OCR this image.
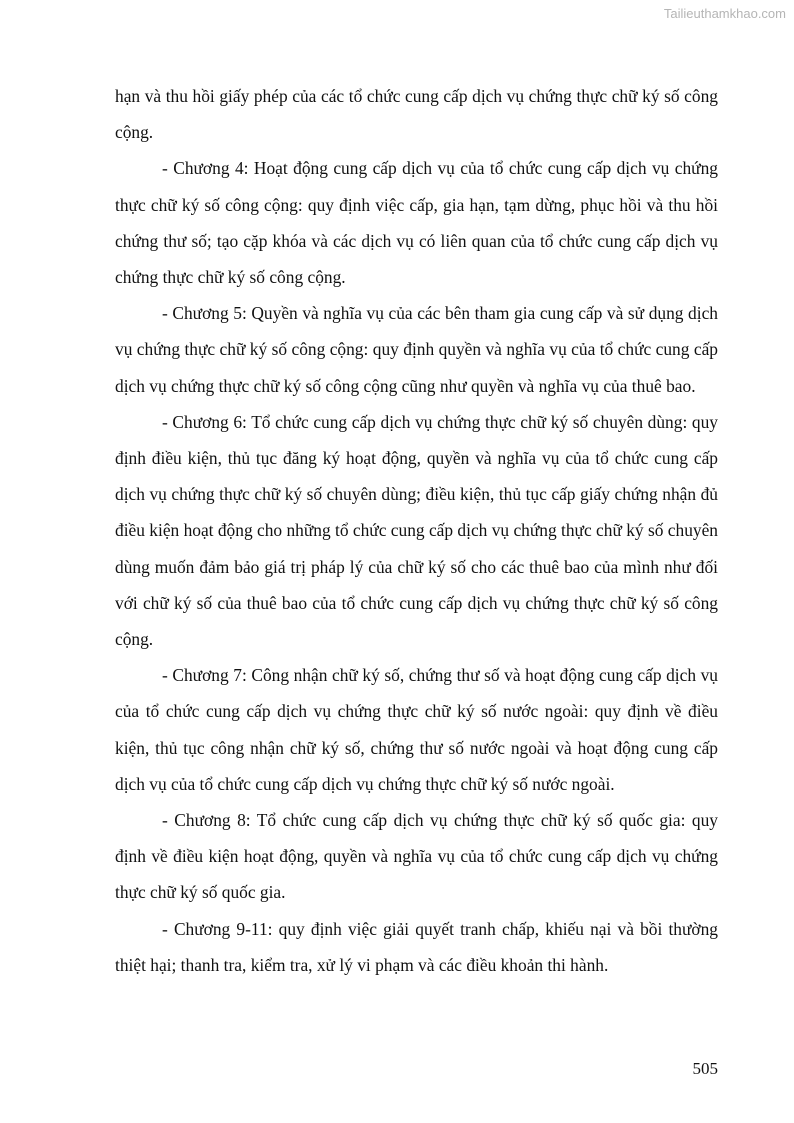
Tailieuthamkhao.com

hạn và thu hồi giấy phép của các tổ chức cung cấp dịch vụ chứng thực chữ ký số công cộng.

- Chương 4: Hoạt động cung cấp dịch vụ của tổ chức cung cấp dịch vụ chứng thực chữ ký số công cộng: quy định việc cấp, gia hạn, tạm dừng, phục hồi và thu hồi chứng thư số; tạo cặp khóa và các dịch vụ có liên quan của tổ chức cung cấp dịch vụ chứng thực chữ ký số công cộng.

- Chương 5: Quyền và nghĩa vụ của các bên tham gia cung cấp và sử dụng dịch vụ chứng thực chữ ký số công cộng: quy định quyền và nghĩa vụ của tổ chức cung cấp dịch vụ chứng thực chữ ký số công cộng cũng như quyền và nghĩa vụ của thuê bao.

- Chương 6: Tổ chức cung cấp dịch vụ chứng thực chữ ký số chuyên dùng: quy định điều kiện, thủ tục đăng ký hoạt động, quyền và nghĩa vụ của tổ chức cung cấp dịch vụ chứng thực chữ ký số chuyên dùng; điều kiện, thủ tục cấp giấy chứng nhận đủ điều kiện hoạt động cho những tổ chức cung cấp dịch vụ chứng thực chữ ký số chuyên dùng muốn đảm bảo giá trị pháp lý của chữ ký số cho các thuê bao của mình như đối với chữ ký số của thuê bao của tổ chức cung cấp dịch vụ chứng thực chữ ký số công cộng.

- Chương 7: Công nhận chữ ký số, chứng thư số và hoạt động cung cấp dịch vụ của tổ chức cung cấp dịch vụ chứng thực chữ ký số nước ngoài: quy định về điều kiện, thủ tục công nhận chữ ký số, chứng thư số nước ngoài và hoạt động cung cấp dịch vụ của tổ chức cung cấp dịch vụ chứng thực chữ ký số nước ngoài.

- Chương 8: Tổ chức cung cấp dịch vụ chứng thực chữ ký số quốc gia: quy định về điều kiện hoạt động, quyền và nghĩa vụ của tổ chức cung cấp dịch vụ chứng thực chữ ký số quốc gia.

- Chương 9-11: quy định việc giải quyết tranh chấp, khiếu nại và bồi thường thiệt hại; thanh tra, kiểm tra, xử lý vi phạm và các điều khoản thi hành.

505
